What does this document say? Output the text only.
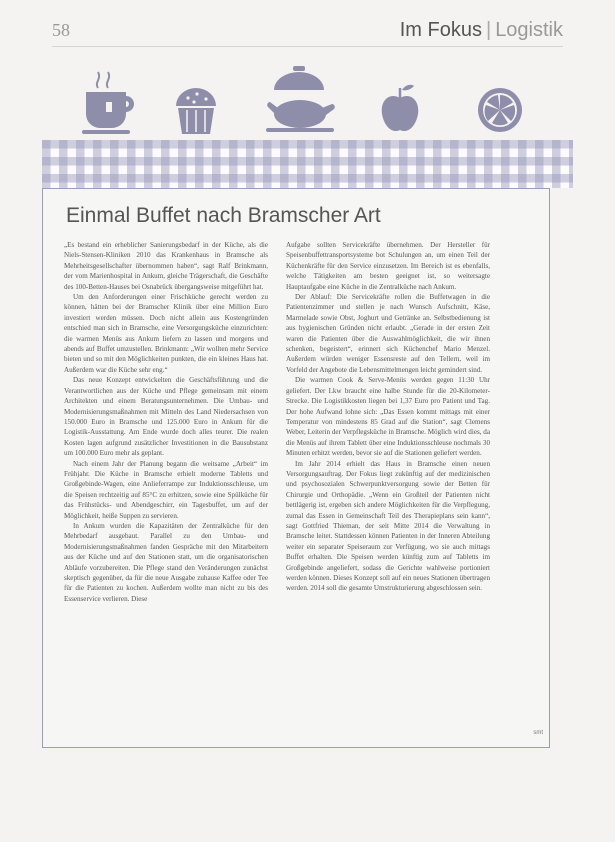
58	Im Fokus | Logistik
Einmal Buffet nach Bramscher Art

„Es bestand ein erheblicher Sanierungsbedarf in der Küche, als die Niels-Stensen-Kliniken 2010 das Krankenhaus in Bramsche als Mehrheitsgesellschafter übernommen haben“, sagt Ralf Brinkmann, der vom Marienhospital in Ankum, gleiche Trägerschaft, die Geschäfte des 100-Betten-Hauses bei Osnabrück übergangsweise mitgeführt hat.

Um den Anforderungen einer Frischküche gerecht werden zu können, hätten bei der Bramscher Klinik über eine Million Euro investiert werden müssen. Doch nicht allein aus Kostengründen entschied man sich in Bramsche, eine Versorgungsküche einzurichten: die warmen Menüs aus Ankum liefern zu lassen und morgens und abends auf Buffet umzustellen. Brinkmann: „Wir wollten mehr Service bieten und so mit den Möglichkeiten punkten, die ein kleines Haus hat. Außerdem war die Küche sehr eng.“

Das neue Konzept entwickelten die Geschäftsführung und die Verantwortlichen aus der Küche und Pflege gemeinsam mit einem Architekten und einem Beratungsunternehmen. Die Umbau- und Modernisierungsmaßnahmen mit Mitteln des Land Niedersachsen von 150.000 Euro in Bramsche und 125.000 Euro in Ankum für die Logistik-Ausstattung. Am Ende wurde doch alles teurer. Die realen Kosten lagen aufgrund zusätzlicher Investitionen in die Bausubstanz um 100.000 Euro mehr als geplant.

Nach einem Jahr der Planung begann die weitsame „Arbeit“ im Frühjahr. Die Küche in Bramsche erhielt moderne Tabletts und Großgebinde-Wagen, eine Anlieferrampe zur Induktionsschleuse, um die Speisen rechtzeitig auf 85°C zu erhitzen, sowie eine Spülküche für das Frühstücks- und Abendgeschirr, ein Tagesbuffet, um auf der Möglichkeit, heiße Suppen zu servieren.

In Ankum wurden die Kapazitäten der Zentralküche für den Mehrbedarf ausgebaut. Parallel zu den Umbau- und Modernisierungsmaßnahmen fanden Gespräche mit den Mitarbeitern aus der Küche und auf den Stationen statt, um die organisatorischen Abläufe vorzubereiten. Die Pflege stand den Veränderungen zunächst skeptisch gegenüber, da für die neue Ausgabe zuhause Kaffee oder Tee für die Patienten zu kochen. Außerdem wollte man nicht zu bis des Essenservice verlieren. Diese

Aufgabe sollten Servicekräfte übernehmen. Der Hersteller für Speisenbuffettransportsysteme bot Schulungen an, um einen Teil der Küchenkräfte für den Service einzusetzen. Im Bereich ist es ebenfalls, welche Tätigkeiten am besten geeignet ist, so weitersagte Hauptaufgabe eine Küche in die Zentralküche nach Ankum.

Der Ablauf: Die Servicekräfte rollen die Buffetwagen in die Patientenzimmer und stellen je nach Wunsch Aufschnitt, Käse, Marmelade sowie Obst, Joghurt und Getränke an. Selbstbedienung ist aus hygienischen Gründen nicht erlaubt. „Gerade in der ersten Zeit waren die Patienten über die Auswahlmöglichkeit, die wir ihnen schenken, begeistert“, erinnert sich Küchenchef Mario Menzel. Außerdem würden weniger Essensreste auf den Tellern, weil im Vorfeld der Angebote die Lebensmittelmengen leicht gemindert sind.

Die warmen Cook & Serve-Menüs werden gegen 11:30 Uhr geliefert. Der Lkw braucht eine halbe Stunde für die 20-Kilometer-Strecke. Die Logistikkosten liegen bei 1,37 Euro pro Patient und Tag. Der hohe Aufwand lohne sich: „Das Essen kommt mittags mit einer Temperatur von mindestens 85 Grad auf die Station“, sagt Clemens Weber, Leiterin der Verpflegsküche in Bramsche. Möglich wird dies, da die Menüs auf ihrem Tablett über eine Induktionsschleuse nochmals 30 Minuten erhitzt werden, bevor sie auf die Stationen geliefert werden.

Im Jahr 2014 erhielt das Haus in Bramsche einen neuen Versorgungsauftrag. Der Fokus liegt zukünftig auf der medizinischen und psychosozialen Schwerpunktversorgung sowie der Betten für Chirurgie und Orthopädie. „Wenn ein Großteil der Patienten nicht bettlägerig ist, ergeben sich andere Möglichkeiten für die Verpflegung, zumal das Essen in Gemeinschaft Teil des Therapieplans sein kann“, sagt Gottfried Thieman, der seit Mitte 2014 die Verwaltung in Bramsche leitet. Stattdessen können Patienten in der Inneren Abteilung weiter ein separater Speiseraum zur Verfügung, wo sie auch mittags Buffet erhalten. Die Speisen werden künftig zum auf Tabletts im Großgebinde angeliefert, sodass die Gerichte wahlweise portioniert werden können. Dieses Konzept soll auf ein neues Stationen übertragen werden. 2014 soll die gesamte Umstrukturierung abgeschlossen sein.

smt
